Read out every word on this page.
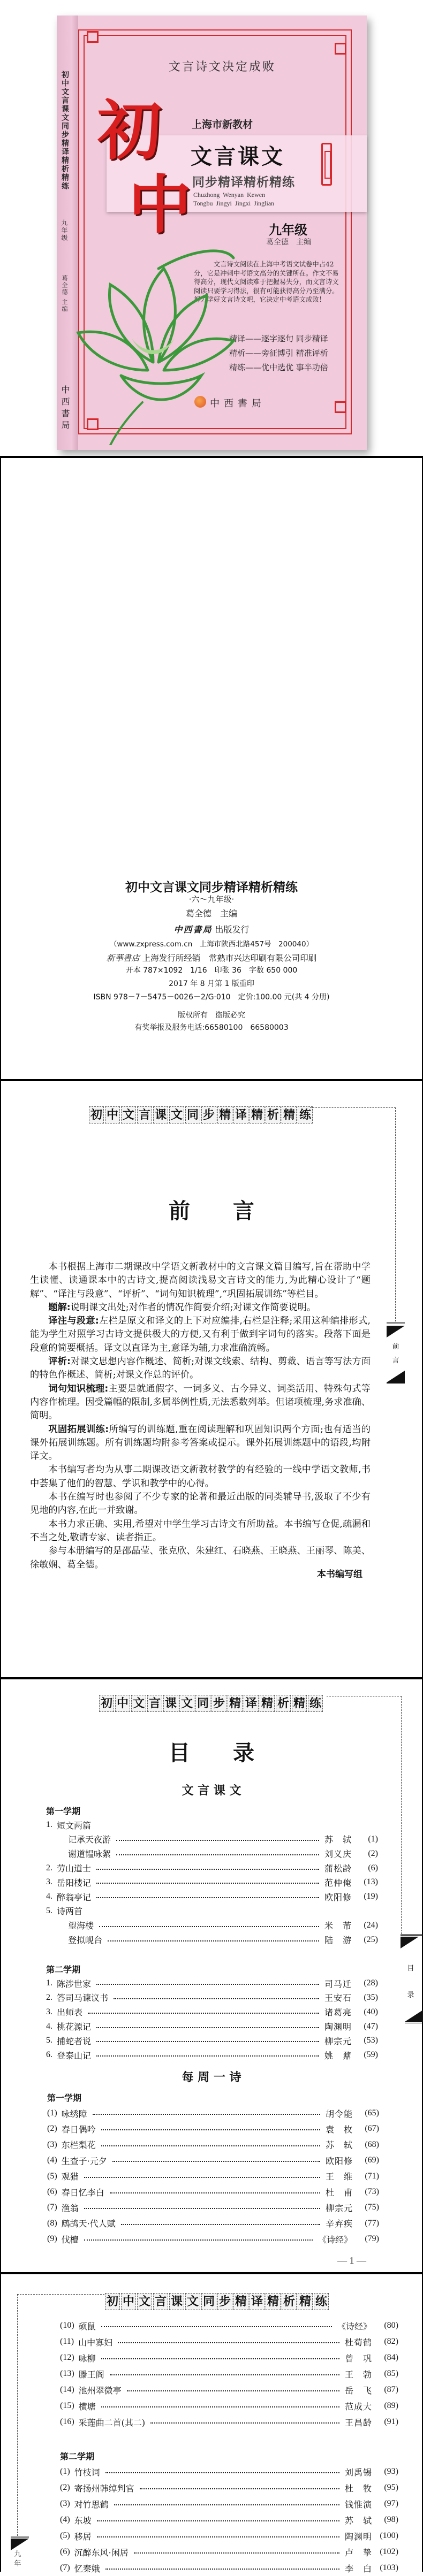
初中文言课文同步精译精析精练
九年级
葛全德 主编
中西書局
文言诗文决定成败
初
中
上海市新教材
文言课文
同步精译精析精练
Chuzhong  Wenyan  Kewen
Tongbu  Jingyi  Jingxi  Jinglian
九年级
葛全德　主编
文言诗文阅读在上海中考语文试卷中占42分，它是冲刺中考语文高分的关键所在。作文不易得高分，现代文阅读难于把握易失分，而文言诗文阅读只要学习得法，很有可能获得高分乃至满分。努力学好文言诗文吧，它决定中考语文成败！
精译——逐字逐句 同步精译
精析——旁征博引 精准评析
精练——优中选优 事半功倍
中西書局
初中文言课文同步精译精析精练
·六～九年级·
葛全德　主编
中西書局 出版发行
（www.zxpress.com.cn　上海市陕西北路457号　200040）
新華書店 上海发行所经销　常熟市兴达印刷有限公司印刷
开本 787×1092　1/16　印张 36　字数 650 000
2017 年 8 月第 1 版重印
ISBN 978－7－5475－0026－2/G·010　定价:100.00 元(共 4 分册)
版权所有　盗版必究
有奖举报及服务电话:66580100　66580003
初 中 文 言 课 文 同 步 精 译 精 析 精 练
前
言
前　　言

本书根据上海市二期课改中学语文新教材中的文言课文篇目编写,旨在帮助中学生读懂、读通课本中的古诗文,提高阅读浅易文言诗文的能力,为此精心设计了“题解”、“译注与段意”、“评析”、“词句知识梳理”,“巩固拓展训练”等栏目。

题解:说明课文出处;对作者的情况作简要介绍;对课文作简要说明。

译注与段意:左栏是原文和译文的上下对应编排,右栏是注释;采用这种编排形式,能为学生对照学习古诗文提供极大的方便,又有利于做到字词句的落实。段落下面是段意的简要概括。译文以直译为主,意译为辅,力求准确流畅。

评析:对课文思想内容作概述、简析;对课文线索、结构、剪裁、语言等写法方面的特色作概述、简析;对课文作总的评价。

词句知识梳理:主要是就通假字、一词多义、古今异义、词类活用、特殊句式等内容作梳理。因受篇幅的限制,多属举例性质,无法悉数列举。但诸项梳理,务求准确、简明。

巩固拓展训练:所编写的训练题,重在阅读理解和巩固知识两个方面;也有适当的课外拓展训练题。所有训练题均附参考答案或提示。课外拓展训练题中的语段,均附译文。

本书编写者均为从事二期课改语文新教材教学的有经验的一线中学语文教师,书中荟集了他们的智慧、学识和教学中的心得。

本书在编写时也参阅了不少专家的论著和最近出版的同类辅导书,汲取了不少有见地的内容,在此一并致谢。

本书力求正确、实用,希望对中学生学习古诗文有所助益。本书编写仓促,疏漏和不当之处,敬请专家、读者指正。

参与本册编写的是邵晶莹、张克欣、朱建红、石晓燕、王晓燕、王丽琴、陈美、徐敏娴、葛全德。

本书编写组
初 中 文 言 课 文 同 步 精 译 精 析 精 练
目
录
目　　录
文 言 课 文
第一学期
1. 短文两篇
记承天夜游	苏轼	(1)
谢道韫咏絮	刘义庆	(2)
2. 劳山道士	蒲松龄	(6)
3. 岳阳楼记	范仲俺	(13)
4. 醉翁亭记	欧阳修	(19)
5. 诗两首
望海楼	米芾	(24)
登拟岘台	陆游	(25)
第二学期
1. 陈涉世家	司马迁	(28)
2. 答司马谏议书	王安石	(35)
3. 出师表	诸葛亮	(40)
4. 桃花源记	陶渊明	(47)
5. 捕蛇者说	柳宗元	(53)
6. 登泰山记	姚鼐	(59)
每 周 一 诗
第一学期
(1) 咏绣障	胡令能	(65)
(2) 春日偶吟	袁枚	(67)
(3) 东栏梨花	苏轼	(68)
(4) 生查子·元夕	欧阳修	(69)
(5) 观猎	王维	(71)
(6) 春日忆李白	杜甫	(73)
(7) 渔翁	柳宗元	(75)
(8) 鹧鸪天·代人赋	辛弃疾	(77)
(9) 伐檀	《诗经》	(79)
— 1 —
初 中 文 言 课 文 同 步 精 译 精 析 精 练
九
年
(10) 硕鼠	《诗经》	(80)
(11) 山中寡妇	杜荀鹤	(82)
(12) 咏柳	曾巩	(84)
(13) 滕王阁	王勃	(85)
(14) 池州翠微亭	岳飞	(87)
(15) 横塘	范成大	(89)
(16) 采莲曲二首(其二)	王昌龄	(91)
第二学期
(1) 竹枝词	刘禹锡	(93)
(2) 寄扬州韩绰判官	杜牧	(95)
(3) 对竹思鹤	钱惟演	(97)
(4) 东坡	苏轼	(98)
(5) 移居	陶渊明 (100)
(6) 沉醉东风·闲居	卢挚 (102)
(7) 忆秦娥	李白 (103)
